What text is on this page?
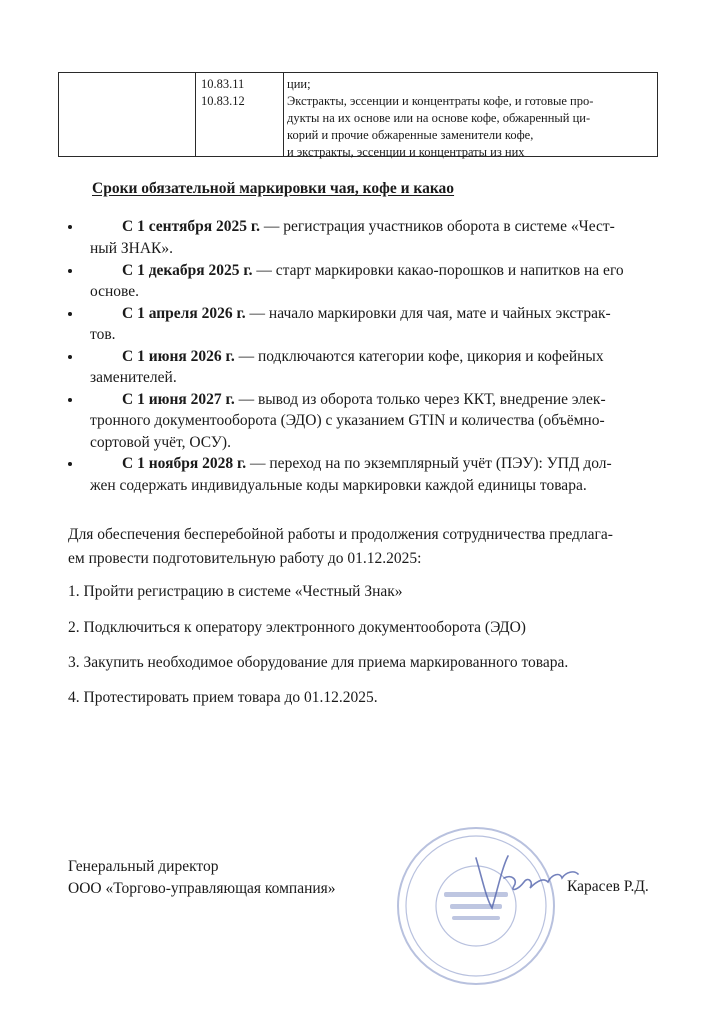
10.83.11
10.83.12
ции;
Экстракты, эссенции и концентраты кофе, и готовые про-
дукты на их основе или на основе кофе, обжаренный ци-
корий и прочие обжаренные заменители кофе,
и экстракты, эссенции и концентраты из них
Сроки обязательной маркировки чая, кофе и какао
С 1 сентября 2025 г. — регистрация участников оборота в системе «Чест-
ный ЗНАК».
С 1 декабря 2025 г. — старт маркировки какао-порошков и напитков на его
основе.
С 1 апреля 2026 г. — начало маркировки для чая, мате и чайных экстрак-
тов.
С 1 июня 2026 г. — подключаются категории кофе, цикория и кофейных
заменителей.
С 1 июня 2027 г. — вывод из оборота только через ККТ, внедрение элек-
тронного документооборота (ЭДО) с указанием GTIN и количества (объёмно-
сортовой учёт, ОСУ).
С 1 ноября 2028 г. — переход на по экземплярный учёт (ПЭУ): УПД дол-
жен содержать индивидуальные коды маркировки каждой единицы товара.
Для обеспечения бесперебойной работы и продолжения сотрудничества предлага-
ем провести подготовительную работу до 01.12.2025:
1. Пройти регистрацию в системе «Честный Знак»
2. Подключиться к оператору электронного документооборота (ЭДО)
3. Закупить необходимое оборудование для приема маркированного товара.
4. Протестировать прием товара до 01.12.2025.
Генеральный директор
ООО «Торгово-управляющая компания»	Карасев Р.Д.
